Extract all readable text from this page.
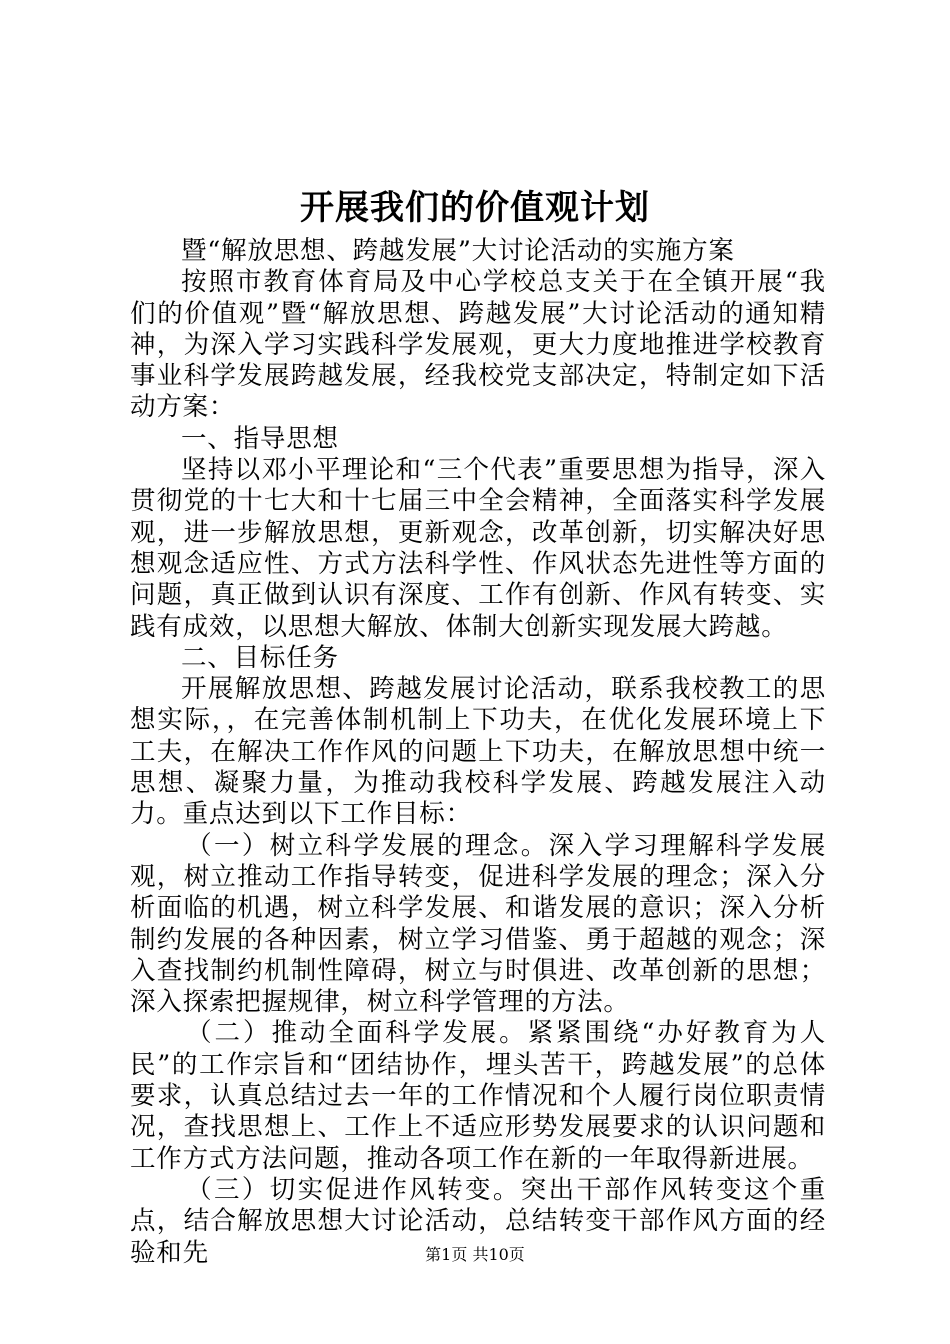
开展我们的价值观计划

暨“解放思想、跨越发展”大讨论活动的实施方案

按照市教育体育局及中心学校总支关于在全镇开展“我们的价值观”暨“解放思想、跨越发展”大讨论活动的通知精神，为深入学习实践科学发展观，更大力度地推进学校教育事业科学发展跨越发展，经我校党支部决定，特制定如下活动方案：

一、指导思想

坚持以邓小平理论和“三个代表”重要思想为指导，深入贯彻党的十七大和十七届三中全会精神，全面落实科学发展观，进一步解放思想，更新观念，改革创新，切实解决好思想观念适应性、方式方法科学性、作风状态先进性等方面的问题，真正做到认识有深度、工作有创新、作风有转变、实践有成效，以思想大解放、体制大创新实现发展大跨越。

二、目标任务

开展解放思想、跨越发展讨论活动，联系我校教工的思想实际，，在完善体制机制上下功夫，在优化发展环境上下工夫，在解决工作作风的问题上下功夫，在解放思想中统一思想、凝聚力量，为推动我校科学发展、跨越发展注入动力。重点达到以下工作目标：

（一）树立科学发展的理念。深入学习理解科学发展观，树立推动工作指导转变，促进科学发展的理念；深入分析面临的机遇，树立科学发展、和谐发展的意识；深入分析制约发展的各种因素，树立学习借鉴、勇于超越的观念；深入查找制约机制性障碍，树立与时俱进、改革创新的思想；深入探索把握规律，树立科学管理的方法。

（二）推动全面科学发展。紧紧围绕“办好教育为人民”的工作宗旨和“团结协作，埋头苦干，跨越发展”的总体要求，认真总结过去一年的工作情况和个人履行岗位职责情况，查找思想上、工作上不适应形势发展要求的认识问题和工作方式方法问题，推动各项工作在新的一年取得新进展。

（三）切实促进作风转变。突出干部作风转变这个重点，结合解放思想大讨论活动，总结转变干部作风方面的经验和先	第1页 共10页
